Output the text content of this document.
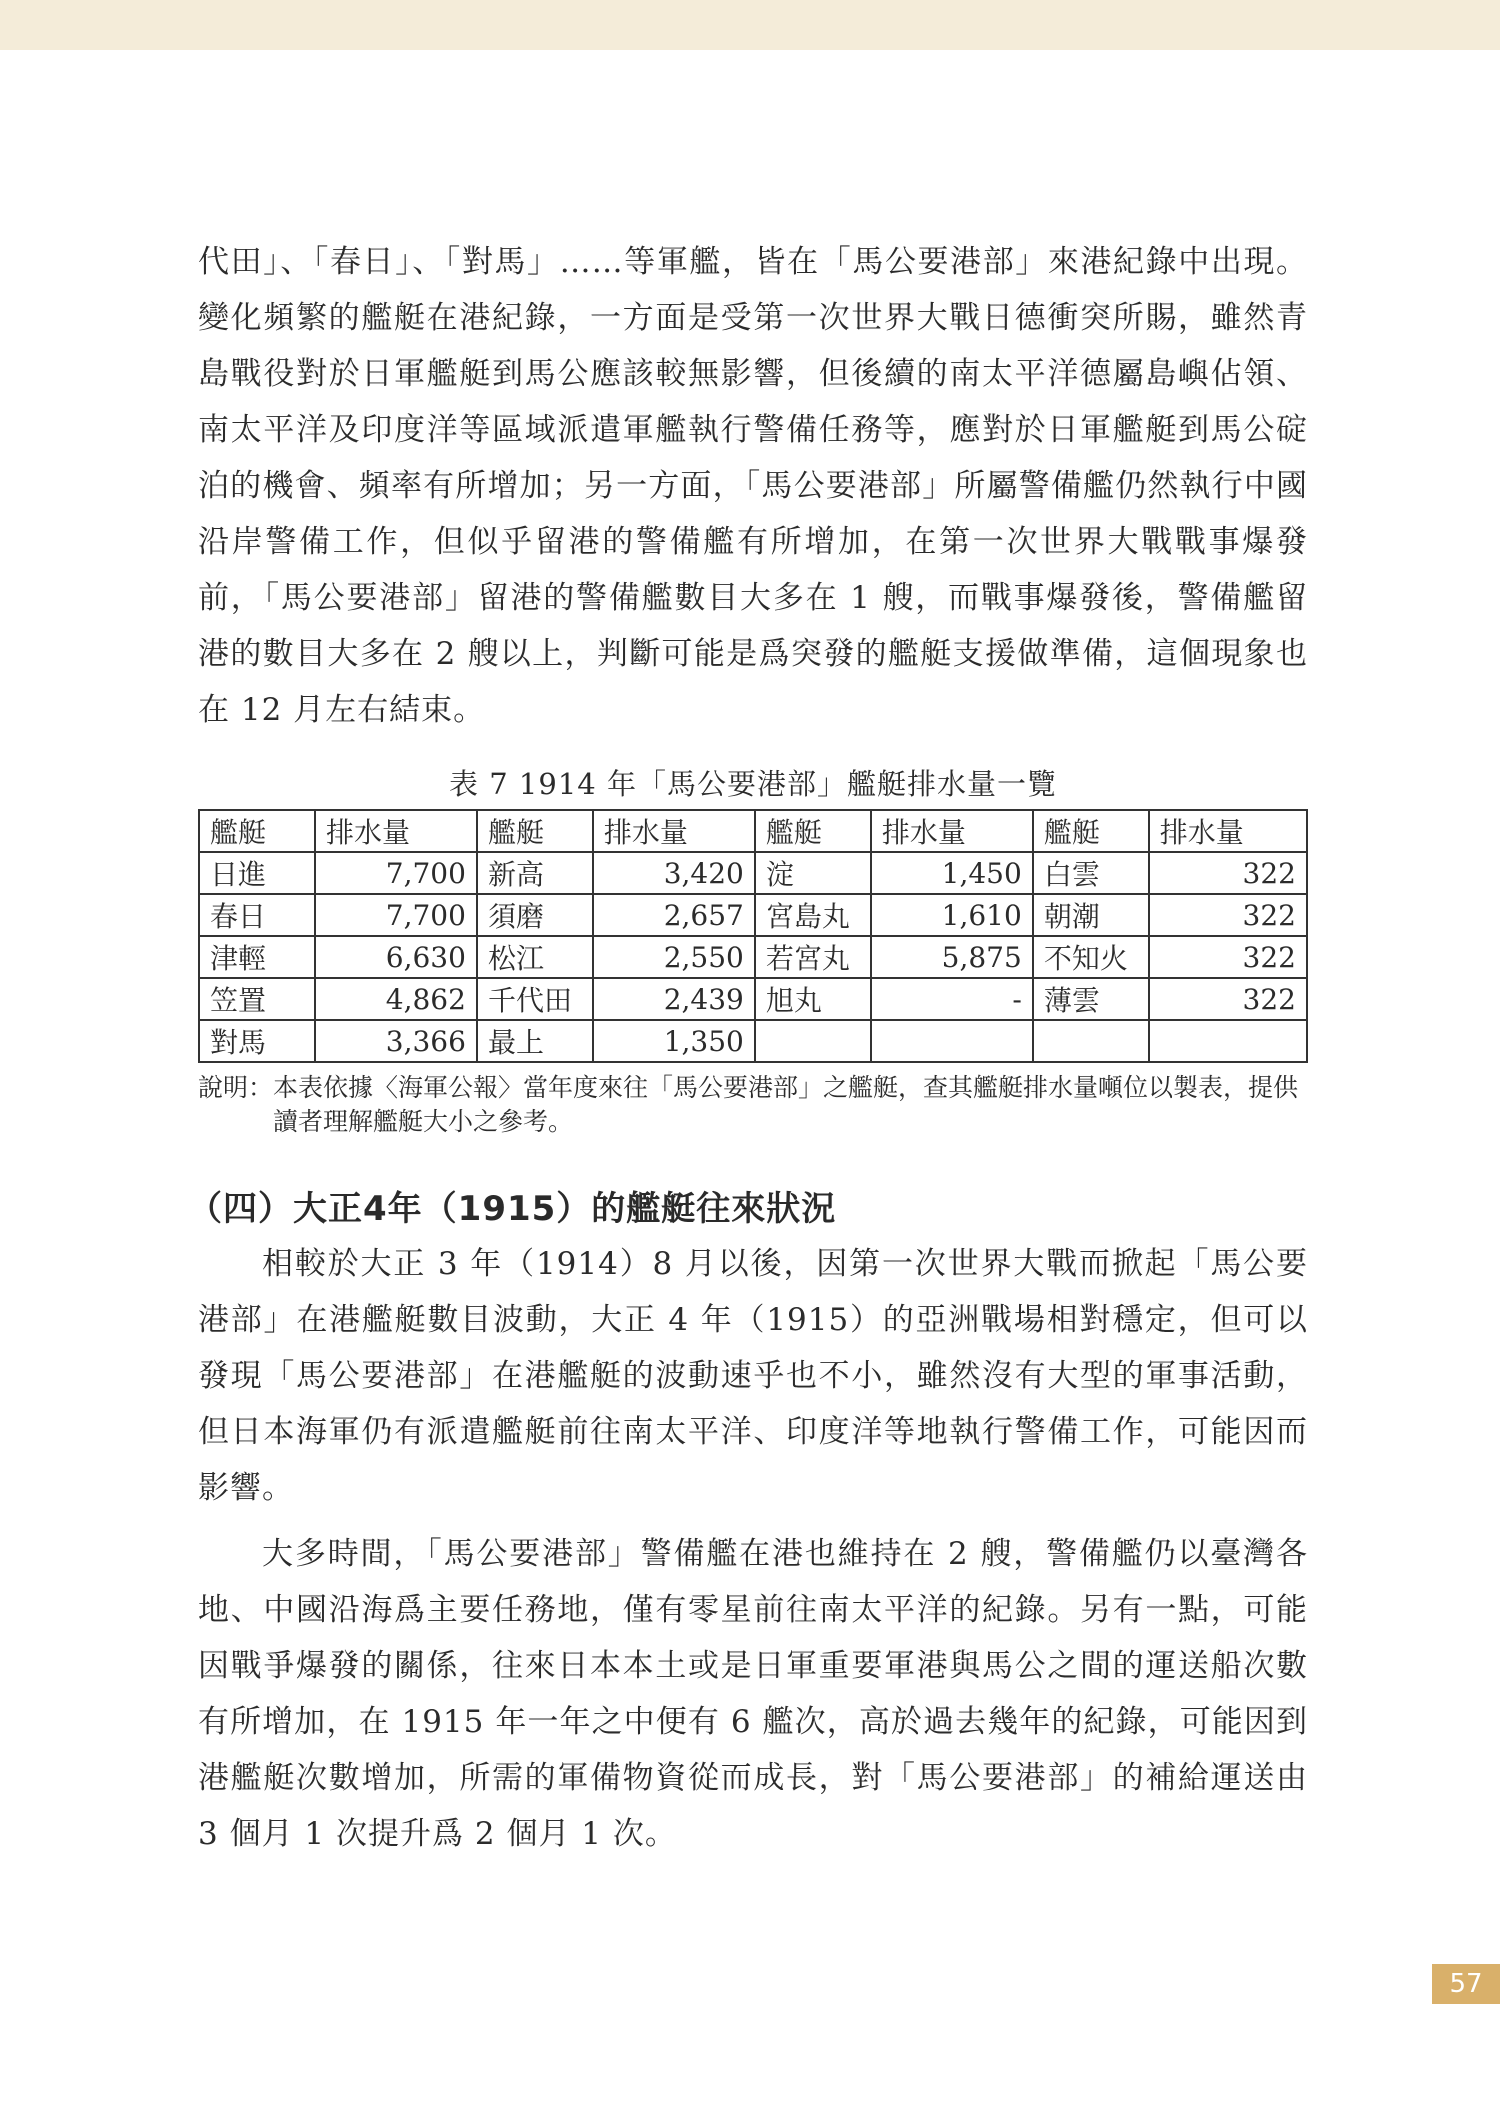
代田」、「春日」、「對馬」……等軍艦，皆在「馬公要港部」來港紀錄中出現。變化頻繁的艦艇在港紀錄，一方面是受第一次世界大戰日德衝突所賜，雖然青島戰役對於日軍艦艇到馬公應該較無影響，但後續的南太平洋德屬島嶼佔領、南太平洋及印度洋等區域派遣軍艦執行警備任務等，應對於日軍艦艇到馬公碇泊的機會、頻率有所增加；另一方面，「馬公要港部」所屬警備艦仍然執行中國沿岸警備工作，但似乎留港的警備艦有所增加，在第一次世界大戰戰事爆發前，「馬公要港部」留港的警備艦數目大多在 1 艘，而戰事爆發後，警備艦留港的數目大多在 2 艘以上，判斷可能是爲突發的艦艇支援做準備，這個現象也在 12 月左右結束。

表 7 1914 年「馬公要港部」艦艇排水量一覽
艦艇	排水量	艦艇	排水量	艦艇	排水量	艦艇	排水量
日進	7,700	新高	3,420	淀	1,450	白雲	322
春日	7,700	須磨	2,657	宮島丸	1,610	朝潮	322
津輕	6,630	松江	2,550	若宮丸	5,875	不知火	322
笠置	4,862	千代田	2,439	旭丸	-	薄雲	322
對馬	3,366	最上	1,350				
說明： 本表依據〈海軍公報〉當年度來往「馬公要港部」之艦艇，查其艦艇排水量噸位以製表，提供讀者理解艦艇大小之參考。
（四）大正4年（1915）的艦艇往來狀況

相較於大正 3 年（1914）8 月以後，因第一次世界大戰而掀起「馬公要港部」在港艦艇數目波動，大正 4 年（1915）的亞洲戰場相對穩定，但可以發現「馬公要港部」在港艦艇的波動速乎也不小，雖然沒有大型的軍事活動，但日本海軍仍有派遣艦艇前往南太平洋、印度洋等地執行警備工作，可能因而影響。

大多時間，「馬公要港部」警備艦在港也維持在 2 艘，警備艦仍以臺灣各地、中國沿海爲主要任務地，僅有零星前往南太平洋的紀錄。另有一點，可能因戰爭爆發的關係，往來日本本土或是日軍重要軍港與馬公之間的運送船次數有所增加，在 1915 年一年之中便有 6 艦次，高於過去幾年的紀錄，可能因到港艦艇次數增加，所需的軍備物資從而成長，對「馬公要港部」的補給運送由 3 個月 1 次提升爲 2 個月 1 次。

57
